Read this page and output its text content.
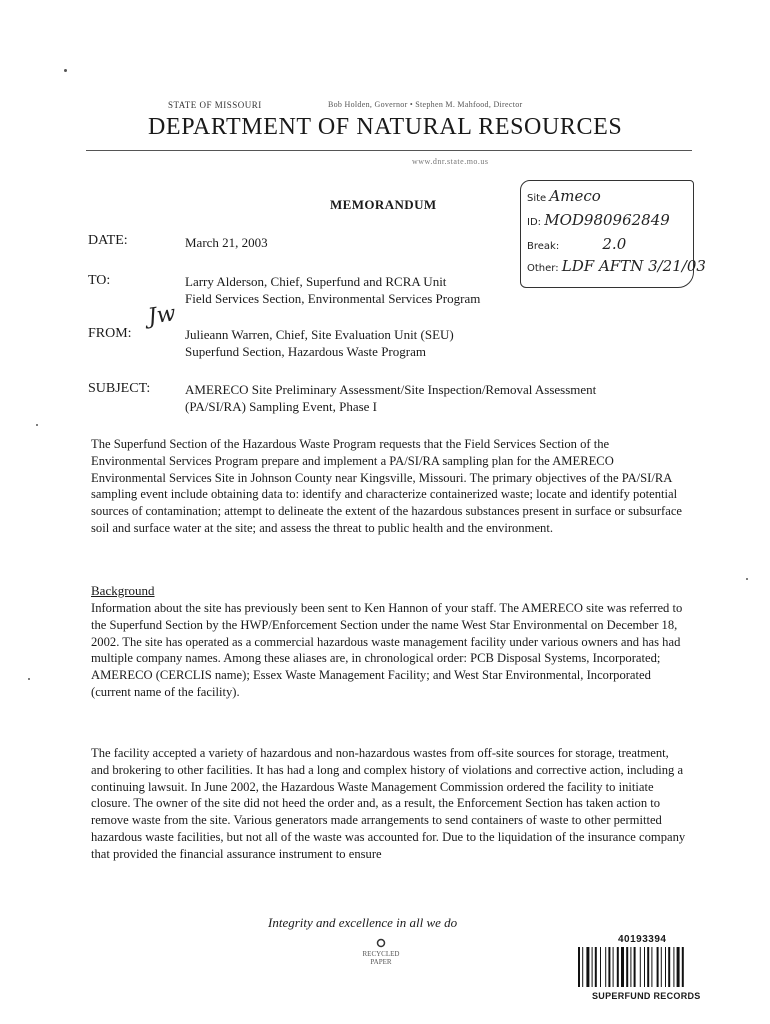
STATE OF MISSOURI	Bob Holden, Governor • Stephen M. Mahfood, Director
DEPARTMENT OF NATURAL RESOURCES
www.dnr.state.mo.us
MEMORANDUM	Site Ameco
ID: MOD980962849
Break:	2.0
Other: LDF AFTN 3/21/03
DATE:	March 21, 2003
TO:	Larry Alderson, Chief, Superfund and RCRA Unit
Field Services Section, Environmental Services Program
Jw
FROM:	Julieann Warren, Chief, Site Evaluation Unit (SEU)
Superfund Section, Hazardous Waste Program
SUBJECT:	AMERECO Site Preliminary Assessment/Site Inspection/Removal Assessment
(PA/SI/RA) Sampling Event, Phase I
The Superfund Section of the Hazardous Waste Program requests that the Field Services Section of the Environmental Services Program prepare and implement a PA/SI/RA sampling plan for the AMERECO Environmental Services Site in Johnson County near Kingsville, Missouri. The primary objectives of the PA/SI/RA sampling event include obtaining data to: identify and characterize containerized waste; locate and identify potential sources of contamination; attempt to delineate the extent of the hazardous substances present in surface or subsurface soil and surface water at the site; and assess the threat to public health and the environment.
Background
Information about the site has previously been sent to Ken Hannon of your staff. The AMERECO site was referred to the Superfund Section by the HWP/Enforcement Section under the name West Star Environmental on December 18, 2002. The site has operated as a commercial hazardous waste management facility under various owners and has had multiple company names. Among these aliases are, in chronological order: PCB Disposal Systems, Incorporated; AMERECO (CERCLIS name); Essex Waste Management Facility; and West Star Environmental, Incorporated (current name of the facility).
The facility accepted a variety of hazardous and non-hazardous wastes from off-site sources for storage, treatment, and brokering to other facilities. It has had a long and complex history of violations and corrective action, including a continuing lawsuit. In June 2002, the Hazardous Waste Management Commission ordered the facility to initiate closure. The owner of the site did not heed the order and, as a result, the Enforcement Section has taken action to remove waste from the site. Various generators made arrangements to send containers of waste to other permitted hazardous waste facilities, but not all of the waste was accounted for. Due to the liquidation of the insurance company that provided the financial assurance instrument to ensure
Integrity and excellence in all we do
RECYCLED PAPER
40193394
SUPERFUND RECORDS
